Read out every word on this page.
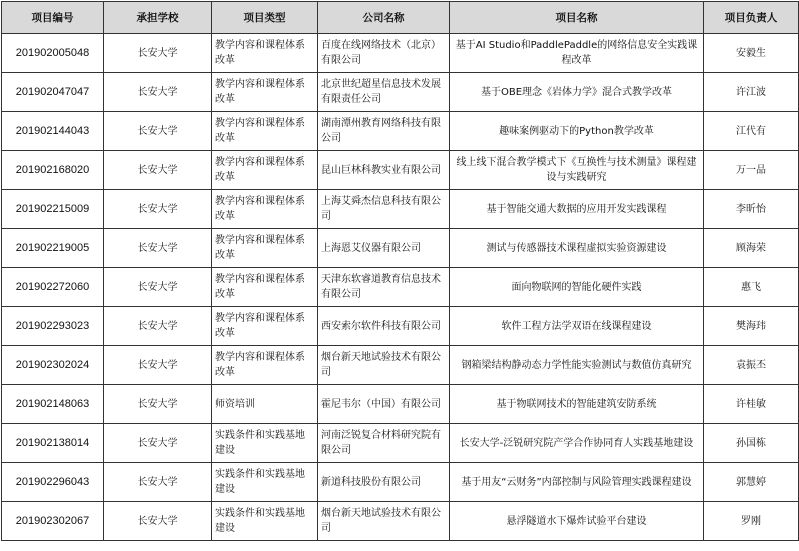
项目编号	承担学校	项目类型	公司名称	项目名称	项目负责人
201902005048	长安大学	教学内容和课程体系改革	百度在线网络技术（北京）有限公司	基于AI Studio和PaddlePaddle的网络信息安全实践课程改革	安毅生
201902047047	长安大学	教学内容和课程体系改革	北京世纪超星信息技术发展有限责任公司	基于OBE理念《岩体力学》混合式教学改革	许江波
201902144043	长安大学	教学内容和课程体系改革	湖南潭州教育网络科技有限公司	趣味案例驱动下的Python教学改革	江代有
201902168020	长安大学	教学内容和课程体系改革	昆山巨林科教实业有限公司	线上线下混合教学模式下《互换性与技术测量》课程建设与实践研究	万一品
201902215009	长安大学	教学内容和课程体系改革	上海艾舜杰信息科技有限公司	基于智能交通大数据的应用开发实践课程	李昕怡
201902219005	长安大学	教学内容和课程体系改革	上海恩艾仪器有限公司	测试与传感器技术课程虚拟实验资源建设	顾海荣
201902272060	长安大学	教学内容和课程体系改革	天津东软睿道教育信息技术有限公司	面向物联网的智能化硬件实践	惠飞
201902293023	长安大学	教学内容和课程体系改革	西安索尔软件科技有限公司	软件工程方法学双语在线课程建设	樊海玮
201902302024	长安大学	教学内容和课程体系改革	烟台新天地试验技术有限公司	钢箱梁结构静动态力学性能实验测试与数值仿真研究	袁振丕
201902148063	长安大学	师资培训	霍尼韦尔（中国）有限公司	基于物联网技术的智能建筑安防系统	许桂敏
201902138014	长安大学	实践条件和实践基地建设	河南泛锐复合材料研究院有限公司	长安大学-泛锐研究院产学合作协同育人实践基地建设	孙国栋
201902296043	长安大学	实践条件和实践基地建设	新道科技股份有限公司	基于用友“云财务”内部控制与风险管理实践课程建设	郭慧婷
201902302067	长安大学	实践条件和实践基地建设	烟台新天地试验技术有限公司	悬浮隧道水下爆炸试验平台建设	罗刚
